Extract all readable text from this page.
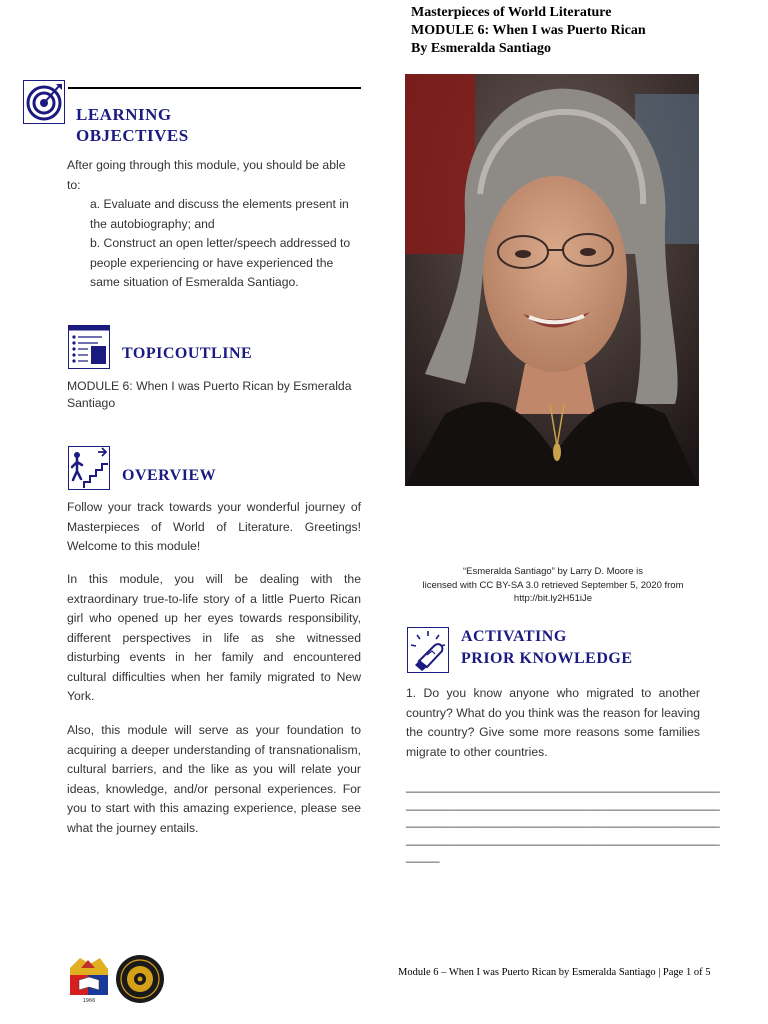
Masterpieces of World Literature
MODULE 6: When I was Puerto Rican
By Esmeralda Santiago
LEARNING
OBJECTIVES
After going through this module, you should be able to:
a. Evaluate and discuss the elements present in the autobiography; and
b. Construct an open letter/speech addressed to people experiencing or have experienced the same situation of Esmeralda Santiago.
TOPICOUTLINE
MODULE 6: When I was Puerto Rican by Esmeralda Santiago
OVERVIEW
Follow your track towards your wonderful journey of Masterpieces of World of Literature. Greetings! Welcome to this module!
In this module, you will be dealing with the extraordinary true-to-life story of a little Puerto Rican girl who opened up her eyes towards responsibility, different perspectives in life as she witnessed disturbing events in her family and encountered cultural difficulties when her family migrated to New York.
Also, this module will serve as your foundation to acquiring a deeper understanding of transnationalism, cultural barriers, and the like as you will relate your ideas, knowledge, and/or personal experiences. For you to start with this amazing experience, please see what the journey entails.
“Esmeralda Santiago” by Larry D. Moore is
licensed with CC BY-SA 3.0 retrieved September 5, 2020 from
http://bit.ly2H51iJe
ACTIVATING
PRIOR KNOWLEDGE
1. Do you know anyone who migrated to another country? What do you think was the reason for leaving the country? Give some more reasons some families migrate to other countries.
_______________________________________________
_______________________________________________
_______________________________________________
_______________________________________________
_____
1966
Module 6 – When I was Puerto Rican by Esmeralda Santiago | Page 1 of 5
